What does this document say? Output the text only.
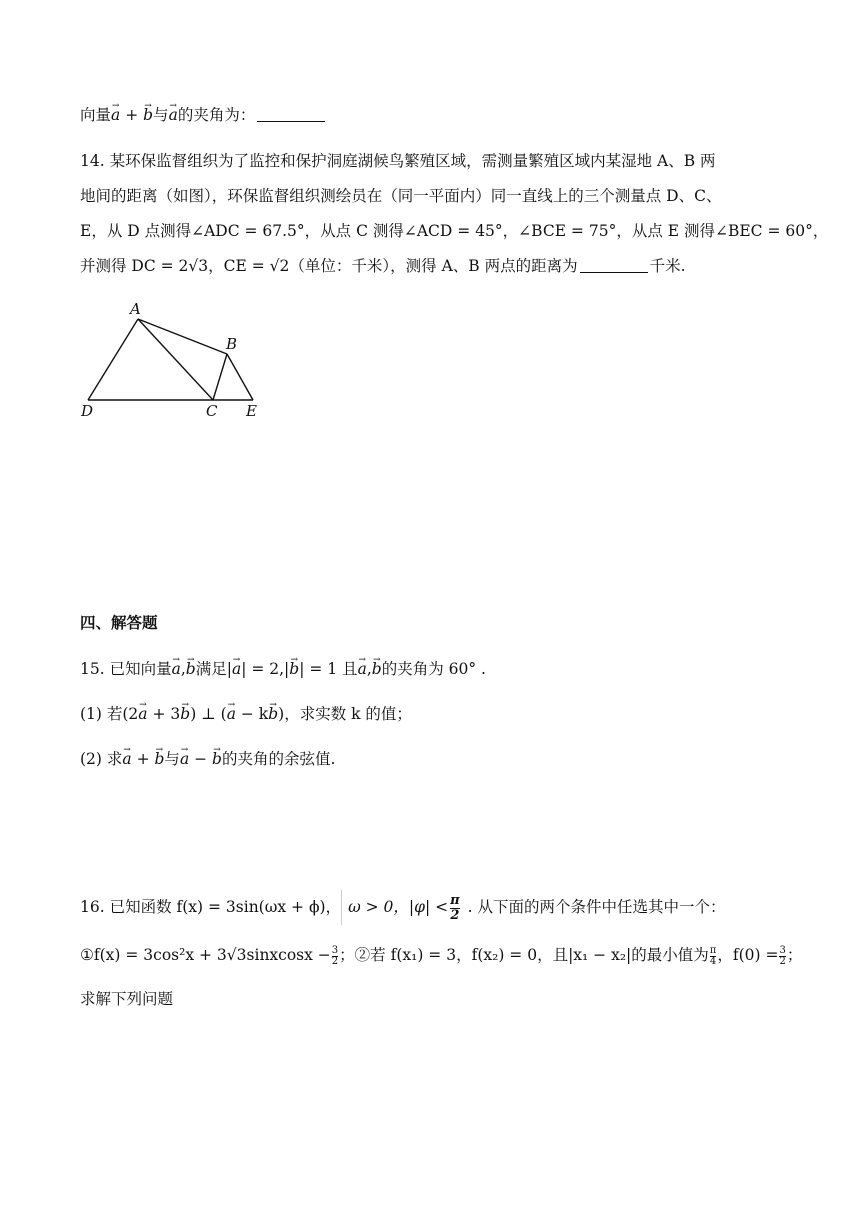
向量→ a + → b与→ a的夹角为：
14. 某环保监督组织为了监控和保护洞庭湖候鸟繁殖区域，需测量繁殖区域内某湿地 A、B 两
地间的距离（如图），环保监督组织测绘员在（同一平面内）同一直线上的三个测量点 D、C、
E，从 D 点测得∠ADC = 67.5°，从点 C 测得∠ACD = 45°，∠BCE = 75°，从点 E 测得∠BEC = 60°，
并测得 DC = 2√3，CE = √2（单位：千米），测得 A、B 两点的距离为	千米.
A
B
C
D	E
四、解答题
15. 已知向量→ a,→ b满足|→ a| = 2,|→ b| = 1 且→ a,→ b的夹角为 60° .
(1) 若(2→ a + 3→ b) ⊥ (→ a − k→ b)，求实数 k 的值；
(2) 求→ a + → b与→ a − → b的夹角的余弦值.
16. 已知函数 f(x) = 3sin(ωx + ϕ)， ω > 0，$|\varphi| < \frac{\pi}{2}$ . 从下面的两个条件中任选其中一个：
①f(x) = 3cos²x + 3√3sinxcosx − $\frac{3}{2}$ ；②若 f(x₁) = 3，f(x₂) = 0，且|x₁ − x₂|的最小值为 $\frac{\pi}{4}$ ，$f(0) = \frac{3}{2}$ ；
求解下列问题
